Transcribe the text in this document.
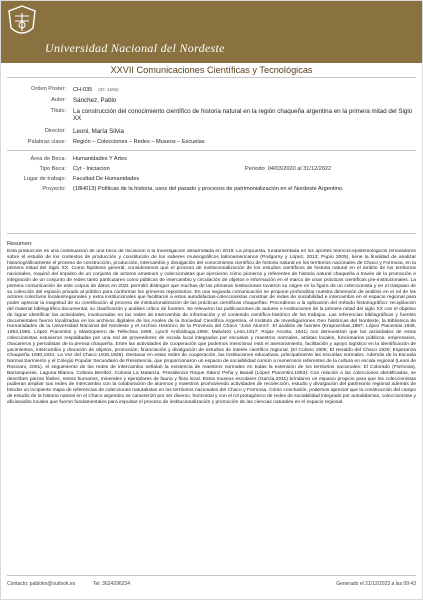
Universidad Nacional del Nordeste
XXVII Comunicaciones Científicas y Tecnológicas
Orden Poster: CH-035 (ID: 1556)
Autor: Sánchez, Pablo
Título: La construcción del conocimiento científico de historia natural en la región chaqueña argentina en la primera mitad del Siglo XX
Director: Leoni, María Silvia
Palabras clave: Región – Colecciones – Redes – Museos – Escuelas
Área de Beca: Humanidades Y Artes
Tipo Beca: Cyt - Iniciacion	Período: 04/03/2020 al 31/12/2022
Lugar de trabajo: Facultad De Humanidades
Proyecto: (18H013) Políticas de la historia, usos del pasado y procesos de patrimonialización en el Nordeste Argentino.
Resumen:
Esta producción es una continuación de una beca de Iniciación a la Investigación desarrollada en 2019. La propuesta, fundamentada en los aportes teóricos-epistemológicos renovadores sobre el estudio de los contextos de producción y constitución de los saberes museográficos latinoamericanos (Podgorny y López, 2013; Pupio 2005), tiene la finalidad de analizar historiográficamente el proceso de construcción, producción, intercambio y divulgación del conocimiento científico de historia natural en los territorios nacionales de Chaco y Formosa, en la primera mitad del Siglo XX. Como hipótesis general, consideramos que el proceso de institucionalización de los estudios científicos de historia natural en el ámbito de los territorios nacionales, requirió del impulso de un conjunto de actores amateurs y coleccionistas que ejercieron cómo pioneros y referentes de historia natural chaqueña a través de la promoción e integración de un conjunto de redes tanto particulares como públicas de intercambio y circulación de objetos e información en el marco de unas prácticas científicas pre-institucionales. La primera comunicación de este corpus de datos en 2021 permitió distinguir que muchas de las primeras instituciones tuvieron su origen en la figura de un coleccionista y en el traspaso de su colección del espacio privado al público para conformar los primeros repositorios. En una segunda comunicación se propone profundizar nuestra dimensión de análisis en el rol de los actores colectivos locales/regionales y extra institucionales que facilitaron a estos autodidactas-coleccionistas construir de redes de sociabilidad e intercambio en el espacio regional para poder apreciar la magnitud de su contribución al proceso de institucionalización de las prácticas científicas chaqueñas. Procedimos a la aplicación del método historiográfico: recopilación del material bibliográfico-documental, su clasificación y análisis crítico de fuentes. Se relevaron las publicaciones de autores e instituciones de la primera mitad del siglo XX con el objetivo de lograr identificar las actividades, involucradas en las redes de intercambio de información y el contenido científico-histórico de los trabajos. Las referencias bibliográficas y fuentes documentales fueron localizadas en los archivos digitales de los Anales de la Sociedad Científica Argentina, el Instituto de Investigaciones Geo históricas del Nordeste, la Biblioteca de Humanidades de la Universidad Nacional del Nordeste y el Archivo Histórico de la Provincia del Chaco “José Alumni”. El análisis de fuentes (Krapovickas,1987; López Piacentini,1949, 1953,1959, López Piacentini y Mastropierro de Tellechea 1969, Lynch Arribálzaga,1959; Malvárez León,1917; Rojas Acosta, 1941) nos demuestran que las actividades de estos coleccionistas estuvieron respaldadas por una red de proveedores de escala local integrados por escuelas y maestros normales, artistas locales, funcionarios públicos, empresarios, chacareros y periodistas de la prensa chaqueña. Entre las actividades de cooperación que podemos mencionar está el asesoramiento, facilitación y apoyo logístico en la identificación de yacimientos, intercambio y donación de objetos, promoción, financiación y divulgación de estudios de interés científico regional. (El Colono 1906; El Heraldo del Chaco 1920; Esperanza Chaqueña 1930,1931; La Voz del Chaco 1916,1936). Destacar en estas redes de cooperación, las instituciones educativas, principalmente las escuelas normales. Además de la Escuela Normal Sarmiento y el Colegio Popular Secundario de Resistencia, que proporcionaron un espacio de sociabilidad común a numerosos referentes de la cultura en escala regional (Leoni de Rosciani, 2001), el seguimiento de las redes de intercambio señalan la existencia de maestros normales en todas la extensión de los territorios nacionales: El Colorado (Formosa), Barranqueras, Laguna Blanca, Colonia Benítez, Colonia La Matanza, Presidencia Roque Sáenz Peña y Basail (López Piacentini,1953). Con relación a las colecciones identificadas, se describen piezas fósiles, restos humanos, minerales y ejemplares de fauna y flora local. Estos museos escolares (García,2011) brindaron un espacio propicio para que los coleccionistas pudieran ampliar sus redes de intercambio con la colaboración de alumnos y maestros promoviendo actividades de recolección, estudio y divulgación del patrimonio regional además de brindar un incipiente mapa de referencias de colecciones naturalistas en los territorios nacionales del Chaco y Formosa. Cómo conclusión, podemos apreciar que la construcción del campo de estudio de la historia natural en el Chaco argentino se caracterizó por ser diverso, horizontal y con el rol protagónico de redes de sociabilidad integrado por autodidactas, coleccionistas y aficionados locales que fueron fundamentales para impulsar el proceso de institucionalización y promoción de las ciencias naturales en el espacio regional.
Contacto: pablokn@outlook.es	Tel: 3624296234	Generado el 21/12/2023 a las 09:43
